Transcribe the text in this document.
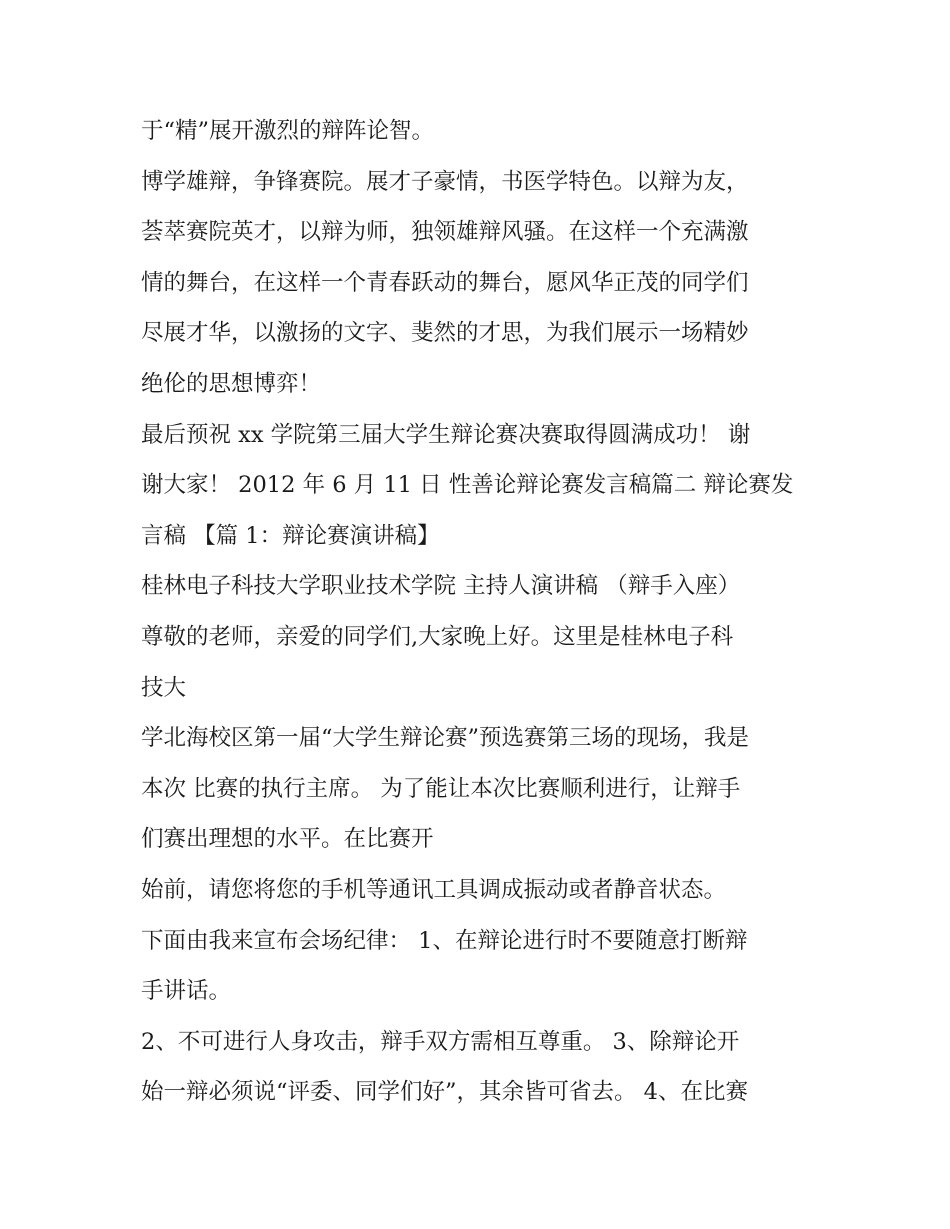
于“精”展开激烈的辩阵论智。
博学雄辩，争锋赛院。展才子豪情，书医学特色。以辩为友，
荟萃赛院英才，以辩为师，独领雄辩风骚。在这样一个充满激
情的舞台，在这样一个青春跃动的舞台，愿风华正茂的同学们
尽展才华，以激扬的文字、斐然的才思，为我们展示一场精妙
绝伦的思想博弈！
最后预祝 xx 学院第三届大学生辩论赛决赛取得圆满成功！ 谢
谢大家！ 2012 年 6 月 11 日 性善论辩论赛发言稿篇二 辩论赛发
言稿 【篇 1：辩论赛演讲稿】
桂林电子科技大学职业技术学院 主持人演讲稿 （辩手入座）
尊敬的老师，亲爱的同学们,大家晚上好。这里是桂林电子科
技大
学北海校区第一届“大学生辩论赛”预选赛第三场的现场，我是
本次 比赛的执行主席。 为了能让本次比赛顺利进行，让辩手
们赛出理想的水平。在比赛开
始前，请您将您的手机等通讯工具调成振动或者静音状态。
下面由我来宣布会场纪律： 1、在辩论进行时不要随意打断辩
手讲话。
2、不可进行人身攻击，辩手双方需相互尊重。 3、除辩论开
始一辩必须说“评委、同学们好”，其余皆可省去。 4、在比赛
